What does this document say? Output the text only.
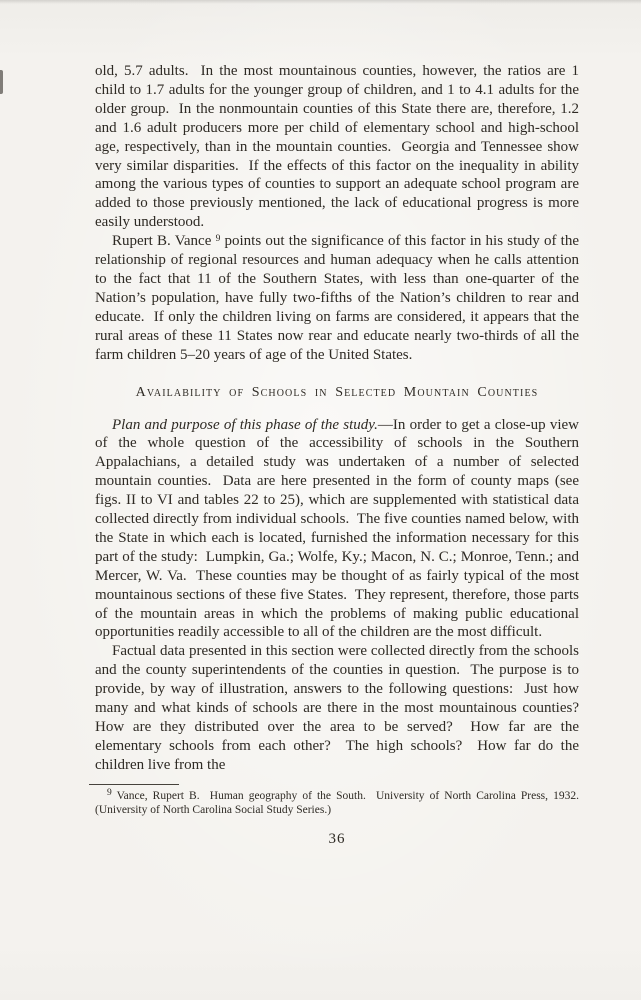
old, 5.7 adults.  In the most mountainous counties, however, the ratios are 1 child to 1.7 adults for the younger group of children, and 1 to 4.1 adults for the older group.  In the nonmountain counties of this State there are, therefore, 1.2 and 1.6 adult producers more per child of elementary school and high-school age, respectively, than in the mountain counties.  Georgia and Tennessee show very similar disparities.  If the effects of this factor on the inequality in ability among the various types of counties to support an adequate school program are added to those previously mentioned, the lack of educational progress is more easily understood.

Rupert B. Vance $^9$ points out the significance of this factor in his study of the relationship of regional resources and human adequacy when he calls attention to the fact that 11 of the Southern States, with less than one-quarter of the Nation’s population, have fully two-fifths of the Nation’s children to rear and educate.  If only the children living on farms are considered, it appears that the rural areas of these 11 States now rear and educate nearly two-thirds of all the farm children 5–20 years of age of the United States.

Availability of Schools in Selected Mountain Counties

Plan and purpose of this phase of the study.—In order to get a close-up view of the whole question of the accessibility of schools in the Southern Appalachians, a detailed study was undertaken of a number of selected mountain counties.  Data are here presented in the form of county maps (see figs. II to VI and tables 22 to 25), which are supplemented with statistical data collected directly from individual schools.  The five counties named below, with the State in which each is located, furnished the information necessary for this part of the study:  Lumpkin, Ga.; Wolfe, Ky.; Macon, N. C.; Monroe, Tenn.; and Mercer, W. Va.  These counties may be thought of as fairly typical of the most mountainous sections of these five States.  They represent, therefore, those parts of the mountain areas in which the problems of making public educational opportunities readily accessible to all of the children are the most difficult.

Factual data presented in this section were collected directly from the schools and the county superintendents of the counties in question.  The purpose is to provide, by way of illustration, answers to the following questions:  Just how many and what kinds of schools are there in the most mountainous counties?  How are they distributed over the area to be served?  How far are the elementary schools from each other?  The high schools?  How far do the children live from the

$^9$ Vance, Rupert B.  Human geography of the South.  University of North Carolina Press, 1932.  (University of North Carolina Social Study Series.)

36
